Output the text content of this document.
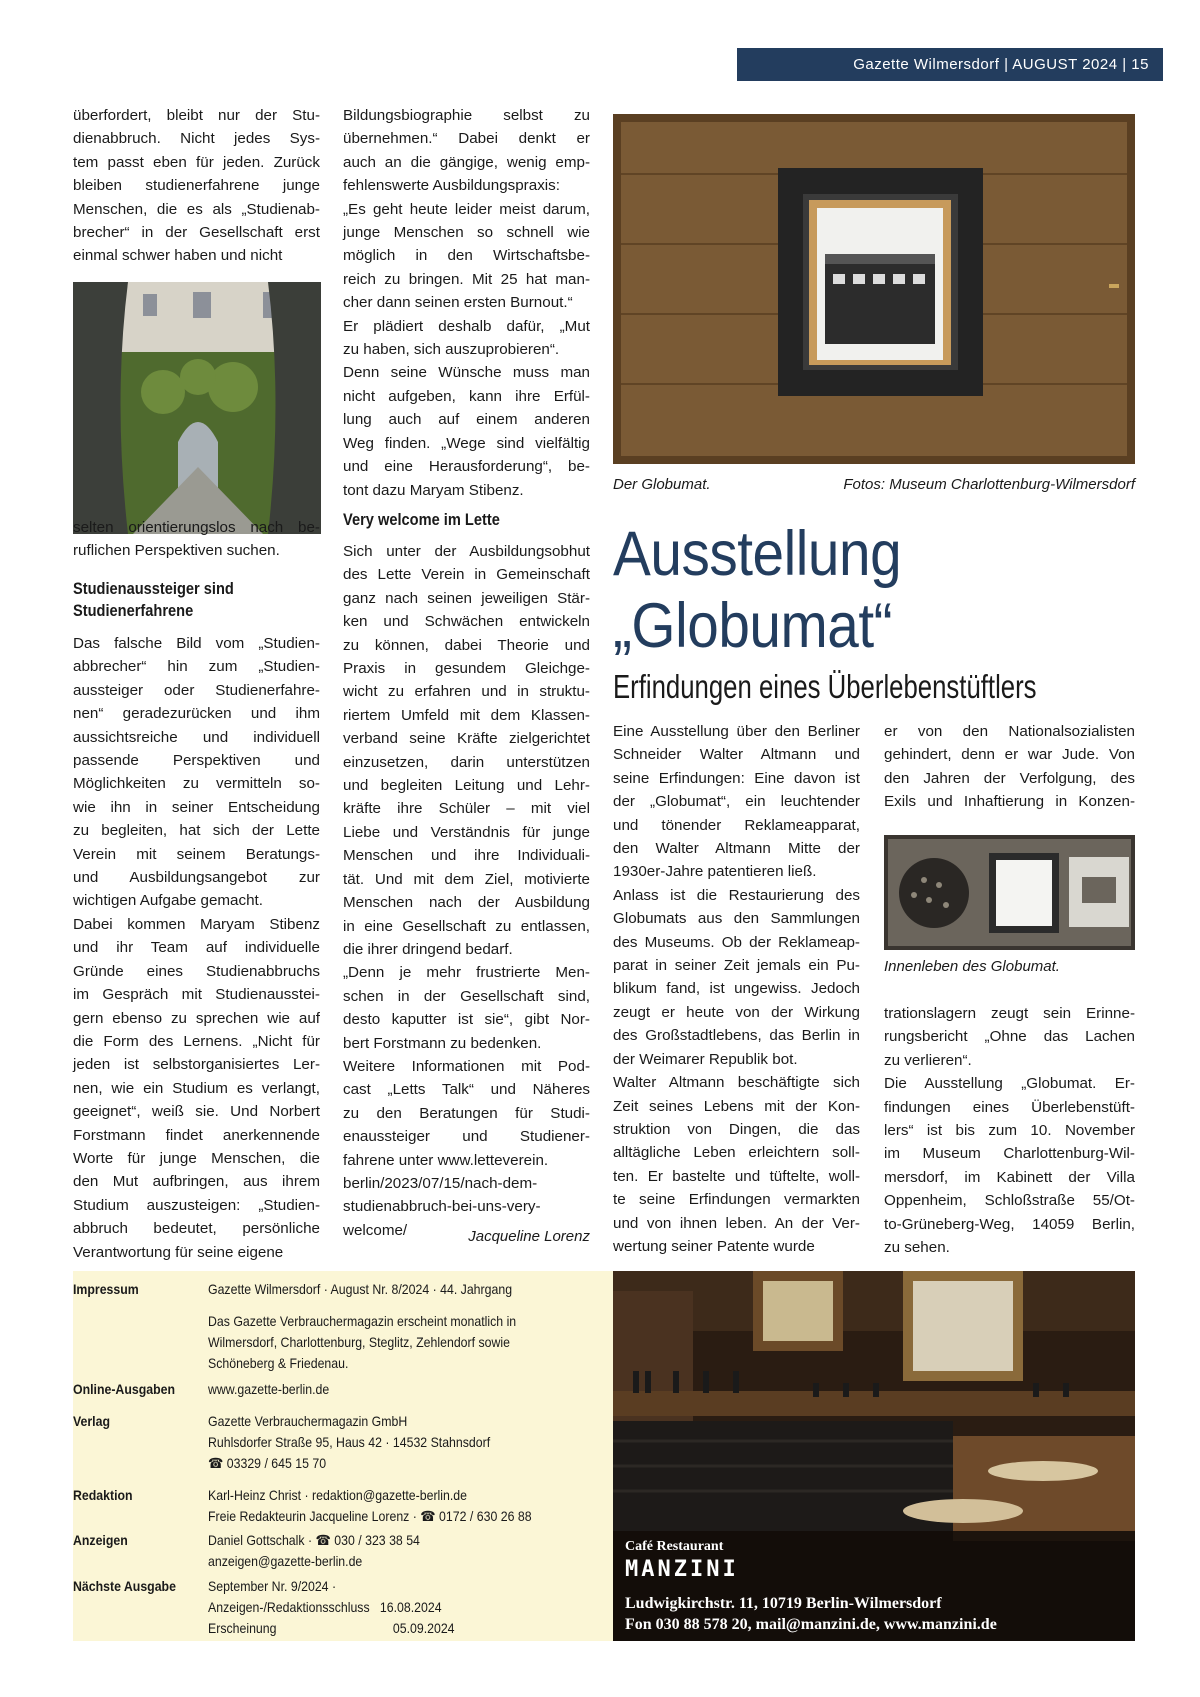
Gazette Wilmersdorf | AUGUST 2024 | 15
überfordert, bleibt nur der Stu-
dienabbruch. Nicht jedes Sys-
tem passt eben für jeden. Zurück
bleiben studienerfahrene junge
Menschen, die es als „Studienab-
brecher“ in der Gesellschaft erst
einmal schwer haben und nicht
selten orientierungslos nach be-
ruflichen Perspektiven suchen.
Studienaussteiger sind
Studienerfahrene
Das falsche Bild vom „Studien-
abbrecher“ hin zum „Studien-
aussteiger oder Studienerfahre-
nen“ geradezurücken und ihm
aussichtsreiche und individuell
passende Perspektiven und
Möglichkeiten zu vermitteln so-
wie ihn in seiner Entscheidung
zu begleiten, hat sich der Lette
Verein mit seinem Beratungs-
und Ausbildungsangebot zur
wichtigen Aufgabe gemacht.
Dabei kommen Maryam Stibenz
und ihr Team auf individuelle
Gründe eines Studienabbruchs
im Gespräch mit Studienausstei-
gern ebenso zu sprechen wie auf
die Form des Lernens. „Nicht für
jeden ist selbstorganisiertes Ler-
nen, wie ein Studium es verlangt,
geeignet“, weiß sie. Und Norbert
Forstmann findet anerkennende
Worte für junge Menschen, die
den Mut aufbringen, aus ihrem
Studium auszusteigen: „Studien-
abbruch bedeutet, persönliche
Verantwortung für seine eigene
Bildungsbiographie selbst zu
übernehmen.“ Dabei denkt er
auch an die gängige, wenig emp-
fehlenswerte Ausbildungspraxis:
„Es geht heute leider meist darum,
junge Menschen so schnell wie
möglich in den Wirtschaftsbe-
reich zu bringen. Mit 25 hat man-
cher dann seinen ersten Burnout.“
Er plädiert deshalb dafür, „Mut
zu haben, sich auszuprobieren“.
Denn seine Wünsche muss man
nicht aufgeben, kann ihre Erfül-
lung auch auf einem anderen
Weg finden. „Wege sind vielfältig
und eine Herausforderung“, be-
tont dazu Maryam Stibenz.
Very welcome im Lette
Sich unter der Ausbildungsobhut
des Lette Verein in Gemeinschaft
ganz nach seinen jeweiligen Stär-
ken und Schwächen entwickeln
zu können, dabei Theorie und
Praxis in gesundem Gleichge-
wicht zu erfahren und in struktu-
riertem Umfeld mit dem Klassen-
verband seine Kräfte zielgerichtet
einzusetzen, darin unterstützen
und begleiten Leitung und Lehr-
kräfte ihre Schüler – mit viel
Liebe und Verständnis für junge
Menschen und ihre Individuali-
tät. Und mit dem Ziel, motivierte
Menschen nach der Ausbildung
in eine Gesellschaft zu entlassen,
die ihrer dringend bedarf.
„Denn je mehr frustrierte Men-
schen in der Gesellschaft sind,
desto kaputter ist sie“, gibt Nor-
bert Forstmann zu bedenken.
Weitere Informationen mit Pod-
cast „Letts Talk“ und Näheres
zu den Beratungen für Studi-
enaussteiger und Studiener-
fahrene unter www.letteverein.
berlin/2023/07/15/nach-dem-
studienabbruch-bei-uns-very-
welcome/	Jacqueline Lorenz
Der Globumat.	Fotos: Museum Charlottenburg-Wilmersdorf
Ausstellung
„Globumat“
Erfindungen eines Überlebenstüftlers
Eine Ausstellung über den Berliner
Schneider Walter Altmann und
seine Erfindungen: Eine davon ist
der „Globumat“, ein leuchtender
und tönender Reklameapparat,
den Walter Altmann Mitte der
1930er-Jahre patentieren ließ.
Anlass ist die Restaurierung des
Globumats aus den Sammlungen
des Museums. Ob der Reklameap-
parat in seiner Zeit jemals ein Pu-
blikum fand, ist ungewiss. Jedoch
zeugt er heute von der Wirkung
des Großstadtlebens, das Berlin in
der Weimarer Republik bot.
Walter Altmann beschäftigte sich
Zeit seines Lebens mit der Kon-
struktion von Dingen, die das
alltägliche Leben erleichtern soll-
ten. Er bastelte und tüftelte, woll-
te seine Erfindungen vermarkten
und von ihnen leben. An der Ver-
wertung seiner Patente wurde
er von den Nationalsozialisten
gehindert, denn er war Jude. Von
den Jahren der Verfolgung, des
Exils und Inhaftierung in Konzen-
Innenleben des Globumat.
trationslagern zeugt sein Erinne-
rungsbericht „Ohne das Lachen
zu verlieren“.
Die Ausstellung „Globumat. Er-
findungen eines Überlebenstüft-
lers“ ist bis zum 10. November
im Museum Charlottenburg-Wil-
mersdorf, im Kabinett der Villa
Oppenheim, Schloßstraße 55/Ot-
to-Grüneberg-Weg, 14059 Berlin,
zu sehen.
Impressum	Gazette Wilmersdorf · August Nr. 8/2024 · 44. Jahrgang
Das Gazette Verbrauchermagazin erscheint monatlich in
Wilmersdorf, Charlottenburg, Steglitz, Zehlendorf sowie
Schöneberg & Friedenau.
Online-Ausgaben www.gazette-berlin.de
Verlag	Gazette Verbrauchermagazin GmbH
Ruhlsdorfer Straße 95, Haus 42 · 14532 Stahnsdorf
☎ 03329 / 645 15 70
Redaktion	Karl-Heinz Christ · redaktion@gazette-berlin.de
Freie Redakteurin Jacqueline Lorenz · ☎ 0172 / 630 26 88
Anzeigen	Daniel Gottschalk · ☎ 030 / 323 38 54
anzeigen@gazette-berlin.de
Nächste Ausgabe September Nr. 9/2024 ·
Anzeigen-/Redaktionsschluss   16.08.2024
Erscheinung                                  05.09.2024
Café Restaurant
MANZINI
Ludwigkirchstr. 11, 10719 Berlin-Wilmersdorf
Fon 030 88 578 20, mail@manzini.de, www.manzini.de
